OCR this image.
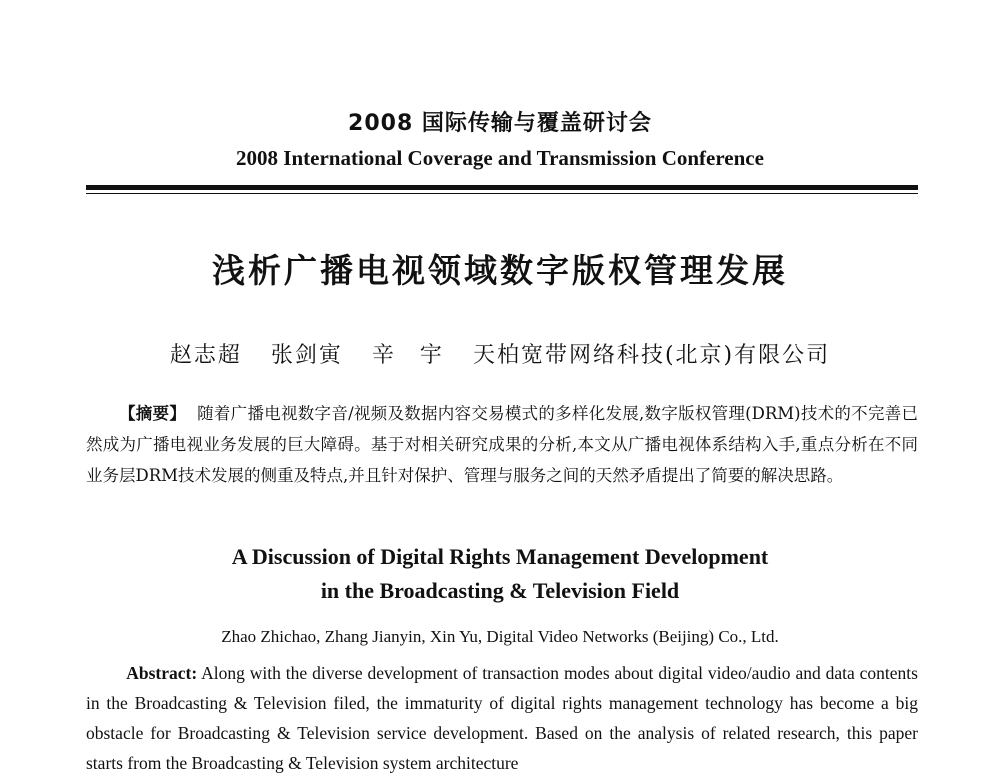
2008 国际传输与覆盖研讨会
2008 International Coverage and Transmission Conference
浅析广播电视领域数字版权管理发展
赵志超 张剑寅 辛　宇 天柏宽带网络科技(北京)有限公司
【摘要】 随着广播电视数字音/视频及数据内容交易模式的多样化发展,数字版权管理(DRM)技术的不完善已然成为广播电视业务发展的巨大障碍。基于对相关研究成果的分析,本文从广播电视体系结构入手,重点分析在不同业务层DRM技术发展的侧重及特点,并且针对保护、管理与服务之间的天然矛盾提出了简要的解决思路。
A Discussion of Digital Rights Management Development
in the Broadcasting & Television Field
Zhao Zhichao, Zhang Jianyin, Xin Yu, Digital Video Networks (Beijing) Co., Ltd.
Abstract: Along with the diverse development of transaction modes about digital video/audio and data contents in the Broadcasting & Television filed, the immaturity of digital rights management technology has become a big obstacle for Broadcasting & Television service development. Based on the analysis of related research, this paper starts from the Broadcasting & Television system architecture
